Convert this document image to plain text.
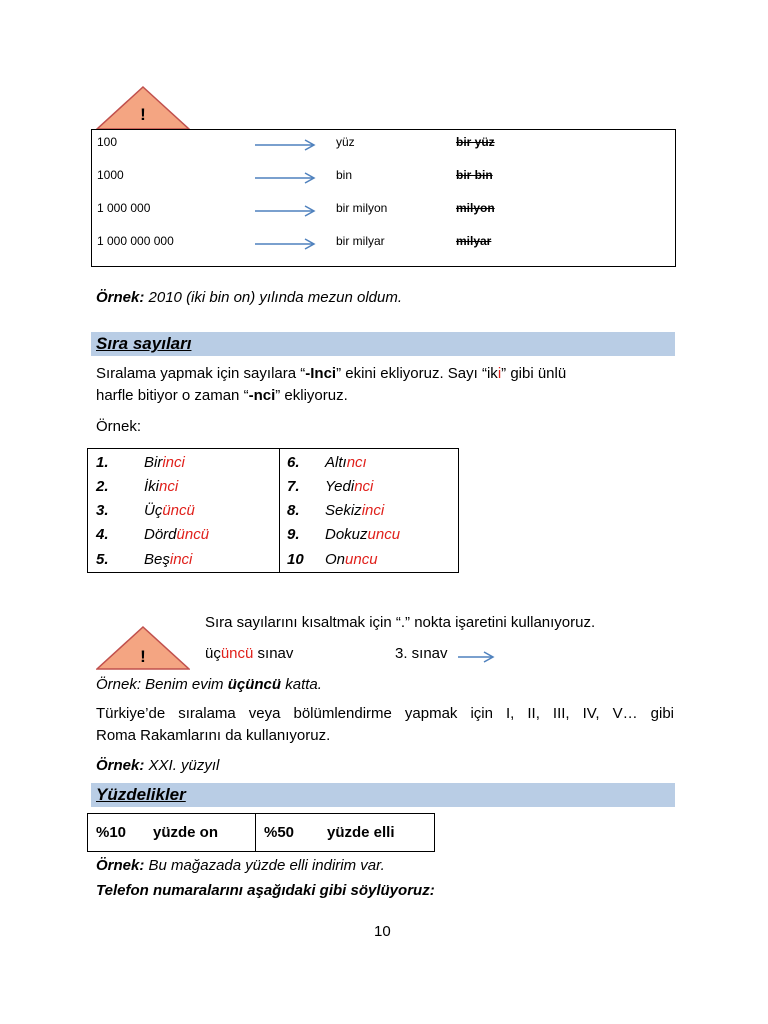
!
100	yüz	bir yüz
1000	bin	bir bin
1 000 000	bir milyon	milyon
1 000 000 000	bir milyar	milyar

Örnek: 2010 (iki bin on) yılında mezun oldum.

Sıra sayıları

Sıralama yapmak için sayılara “-Inci” ekini ekliyoruz. Sayı “iki” gibi ünlü

harfle bitiyor o zaman “-nci” ekliyoruz.

Örnek:

1. Birinci
2. İkinci
3. Üçüncü
4. Dördüncü
5. Beşinci
6. Altıncı
7. Yedinci
8. Sekizinci
9. Dokuzuncu
10 Onuncu
!

Sıra sayılarını kısaltmak için “.” nokta işaretini kullanıyoruz.

üçüncü sınav	3. sınav

Örnek: Benim evim üçüncü katta.

Türkiye’de sıralama veya bölümlendirme yapmak için I, II, III, IV, V… gibi

Roma Rakamlarını da kullanıyoruz.

Örnek: XXI. yüzyıl

Yüzdelikler
%10 yüzde on	%50 yüzde elli

Örnek: Bu mağazada yüzde elli indirim var.

Telefon numaralarını aşağıdaki gibi söylüyoruz:

10
